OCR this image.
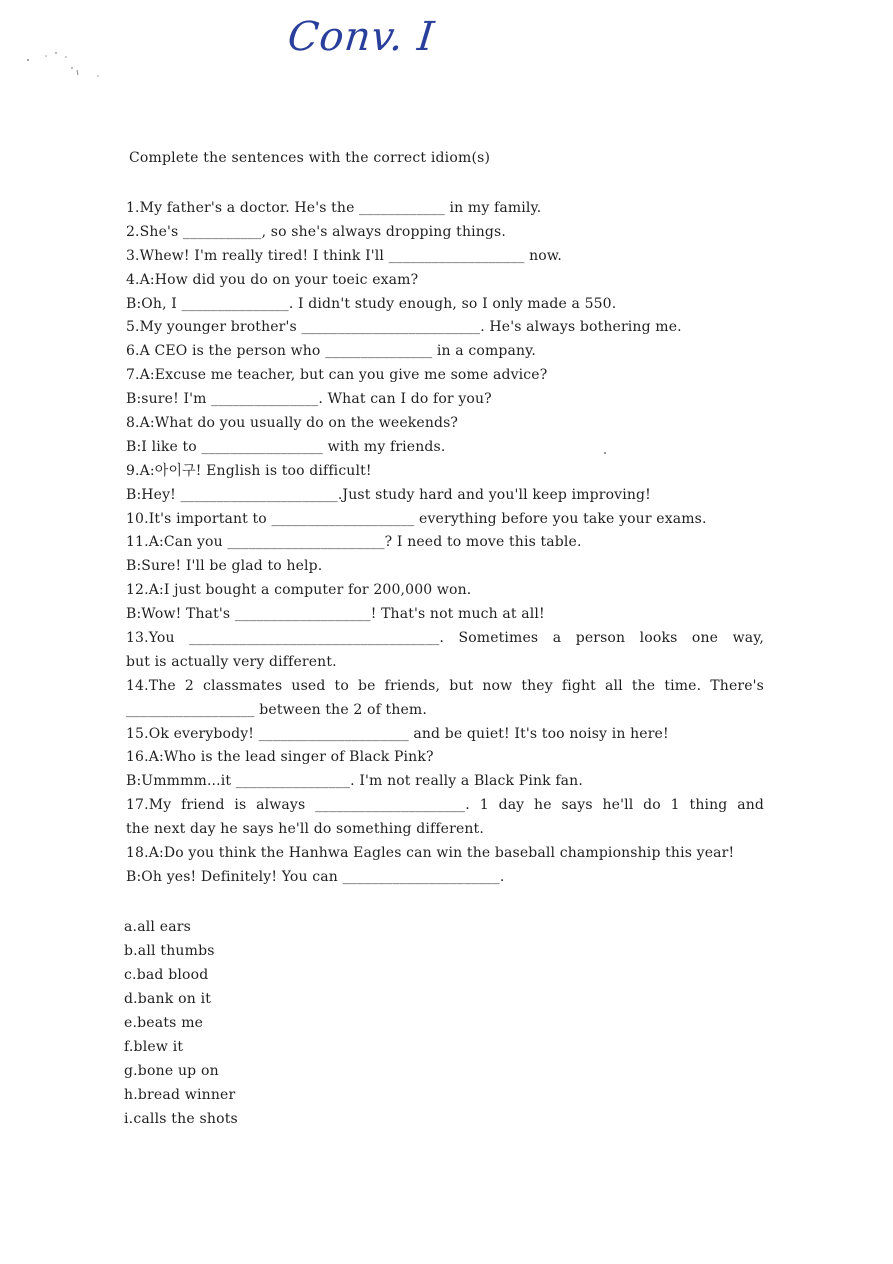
Conv. I
Complete the sentences with the correct idiom(s)
1.My father's a doctor. He's the ____________ in my family.
2.She's ___________, so she's always dropping things.
3.Whew! I'm really tired! I think I'll ___________________ now.
4.A:How did you do on your toeic exam?
B:Oh, I _______________. I didn't study enough, so I only made a 550.
5.My younger brother's _________________________. He's always bothering me.
6.A CEO is the person who _______________ in a company.
7.A:Excuse me teacher, but can you give me some advice?
B:sure! I'm _______________. What can I do for you?
8.A:What do you usually do on the weekends?
B:I like to _________________ with my friends.
9.A:아이구! English is too difficult!
B:Hey! ______________________.Just study hard and you'll keep improving!
10.It's important to ____________________ everything before you take your exams.
11.A:Can you ______________________? I need to move this table.
B:Sure! I'll be glad to help.
12.A:I just bought a computer for 200,000 won.
B:Wow! That's ___________________! That's not much at all!
13.You ___________________________________. Sometimes a person looks one way,
but is actually very different.
14.The 2 classmates used to be friends, but now they fight all the time. There's
__________________ between the 2 of them.
15.Ok everybody! _____________________ and be quiet! It's too noisy in here!
16.A:Who is the lead singer of Black Pink?
B:Ummmm...it ________________. I'm not really a Black Pink fan.
17.My friend is always _____________________. 1 day he says he'll do 1 thing and
the next day he says he'll do something different.
18.A:Do you think the Hanhwa Eagles can win the baseball championship this year!
B:Oh yes! Definitely! You can ______________________.
a.all ears
b.all thumbs
c.bad blood
d.bank on it
e.beats me
f.blew it
g.bone up on
h.bread winner
i.calls the shots
